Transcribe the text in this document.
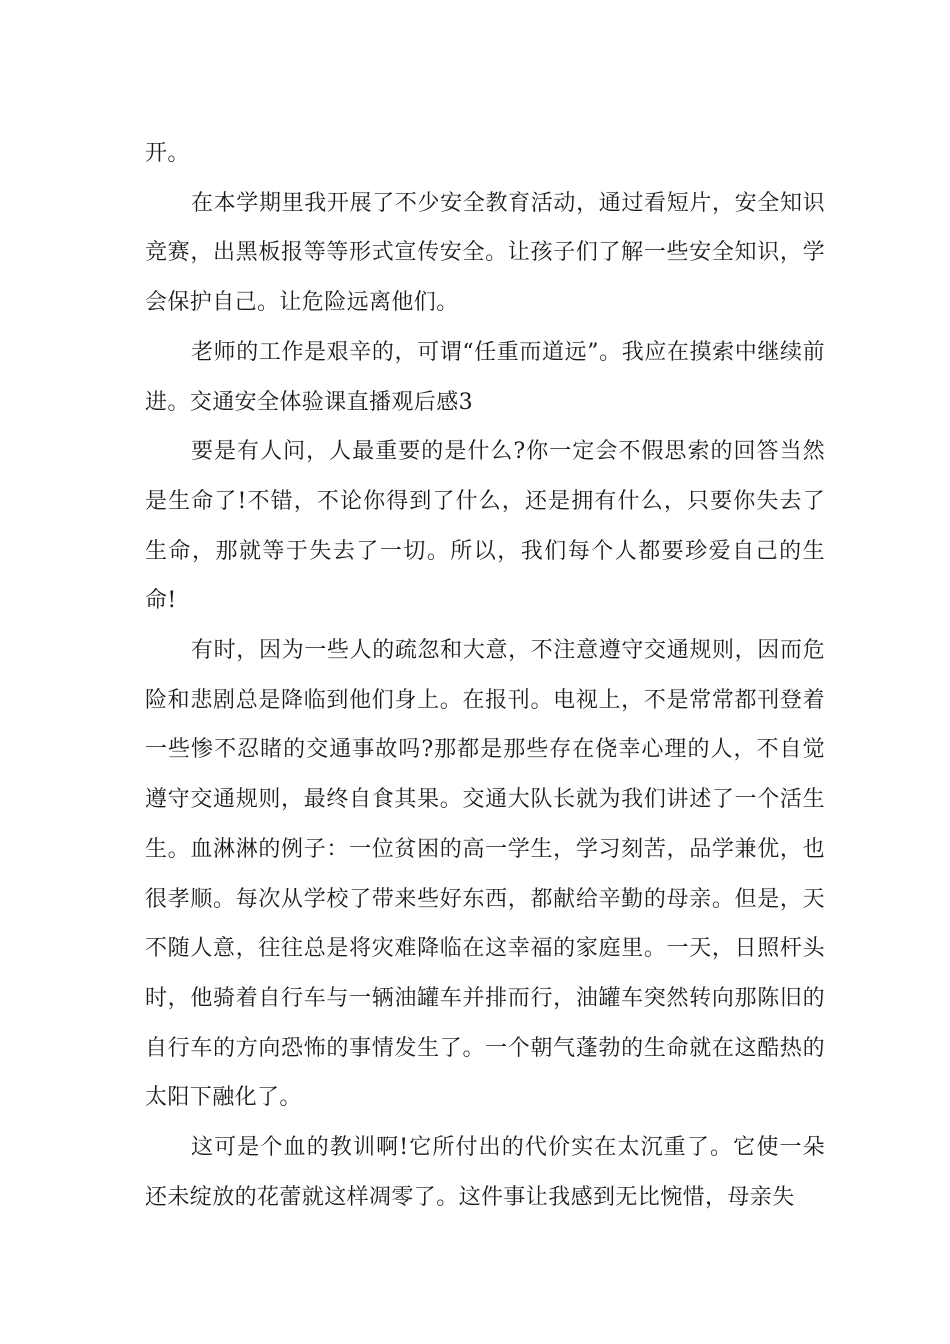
开。

在本学期里我开展了不少安全教育活动，通过看短片，安全知识竞赛，出黑板报等等形式宣传安全。让孩子们了解一些安全知识，学会保护自己。让危险远离他们。

老师的工作是艰辛的，可谓“任重而道远”。我应在摸索中继续前进。交通安全体验课直播观后感3

要是有人问，人最重要的是什么?你一定会不假思索的回答当然是生命了!不错，不论你得到了什么，还是拥有什么，只要你失去了生命，那就等于失去了一切。所以，我们每个人都要珍爱自己的生命!

有时，因为一些人的疏忽和大意，不注意遵守交通规则，因而危险和悲剧总是降临到他们身上。在报刊。电视上，不是常常都刊登着一些惨不忍睹的交通事故吗?那都是那些存在侥幸心理的人，不自觉遵守交通规则，最终自食其果。交通大队长就为我们讲述了一个活生生。血淋淋的例子：一位贫困的高一学生，学习刻苦，品学兼优，也很孝顺。每次从学校了带来些好东西，都献给辛勤的母亲。但是，天不随人意，往往总是将灾难降临在这幸福的家庭里。一天，日照杆头时，他骑着自行车与一辆油罐车并排而行，油罐车突然转向那陈旧的自行车的方向恐怖的事情发生了。一个朝气蓬勃的生命就在这酷热的太阳下融化了。

这可是个血的教训啊!它所付出的代价实在太沉重了。它使一朵还未绽放的花蕾就这样凋零了。这件事让我感到无比惋惜，母亲失
